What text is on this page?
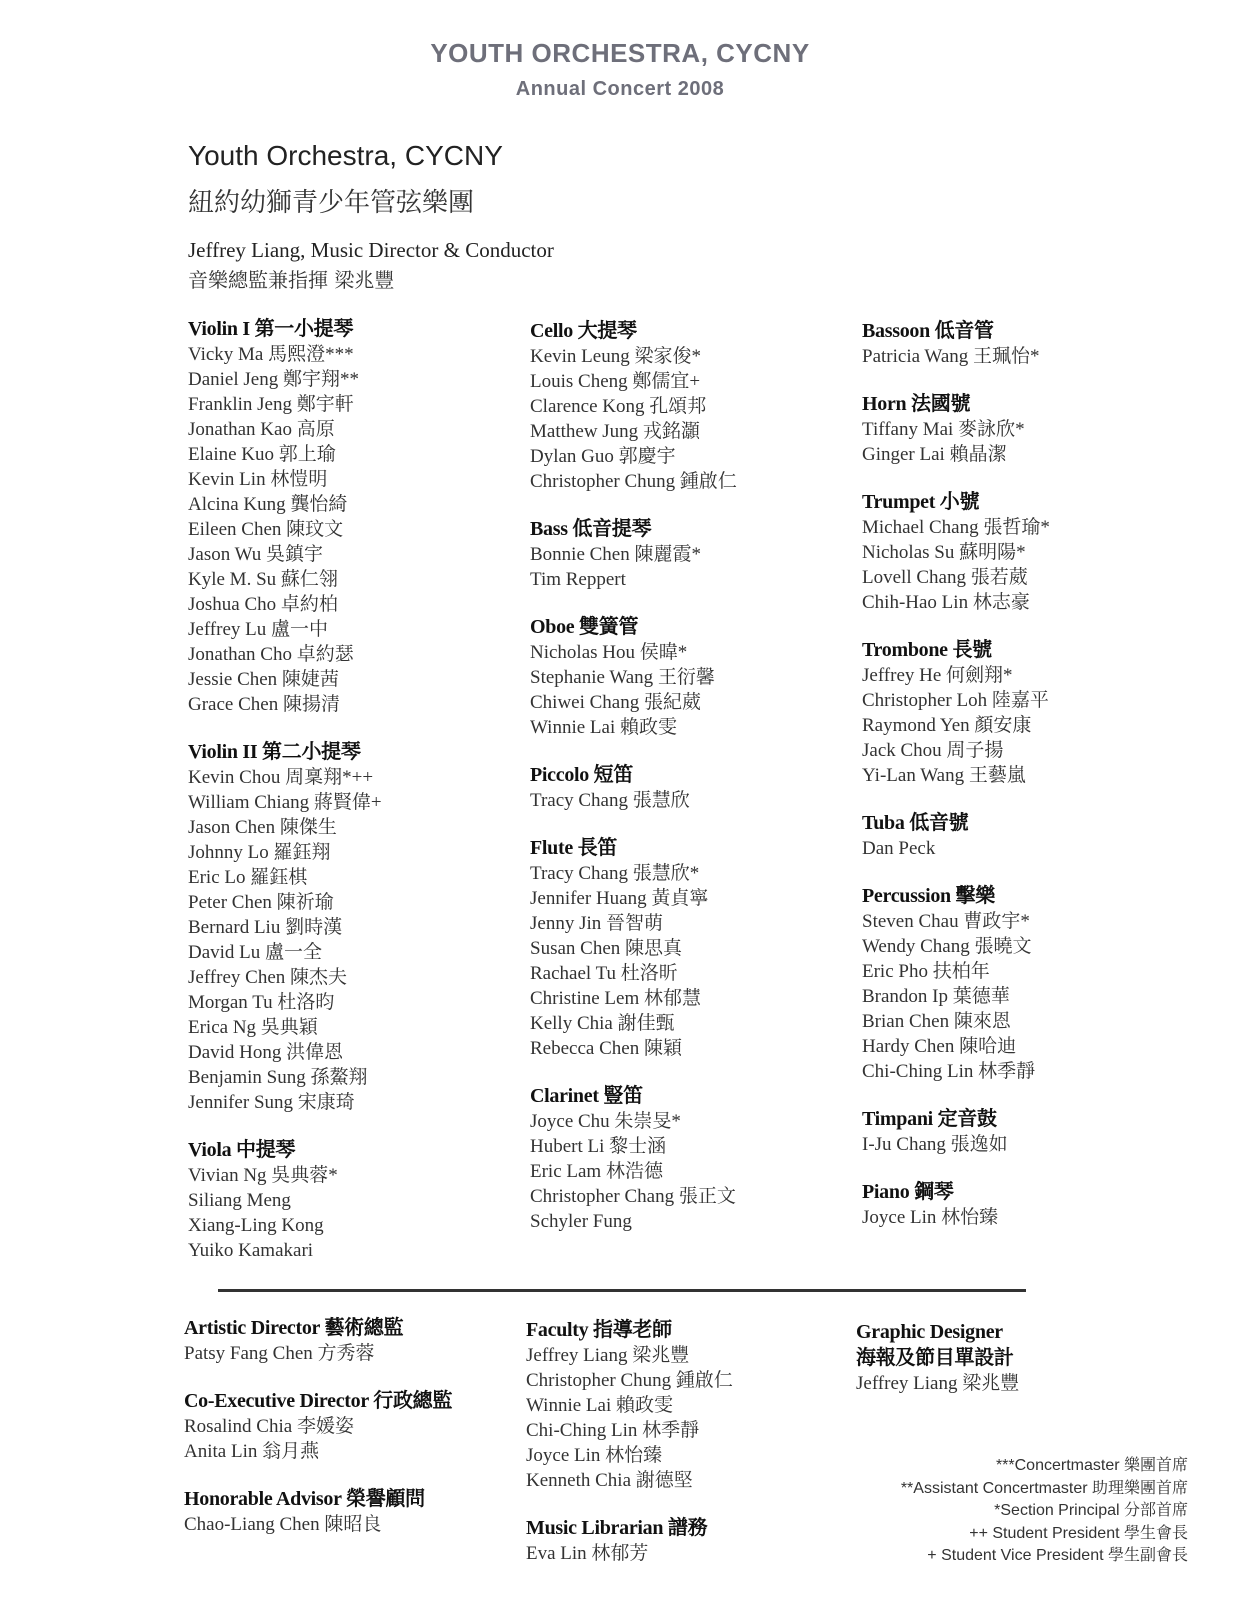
YOUTH ORCHESTRA, CYCNY
Annual Concert 2008
Youth Orchestra, CYCNY
紐約幼獅青少年管弦樂團
Jeffrey Liang, Music Director & Conductor
音樂總監兼指揮 梁兆豐
Violin I 第一小提琴
Vicky Ma 馬熙澄***
Daniel Jeng 鄭宇翔**
Franklin Jeng 鄭宇軒
Jonathan Kao 高原
Elaine Kuo 郭上瑜
Kevin Lin 林愷明
Alcina Kung 龔怡綺
Eileen Chen 陳玟文
Jason Wu 吳鎮宇
Kyle M. Su 蘇仁翎
Joshua Cho 卓約柏
Jeffrey Lu 盧一中
Jonathan Cho 卓約瑟
Jessie Chen 陳婕茜
Grace Chen 陳揚清
Violin II 第二小提琴
Kevin Chou 周稟翔*++
William Chiang 蔣賢偉+
Jason Chen 陳傑生
Johnny Lo 羅鈺翔
Eric Lo 羅鈺棋
Peter Chen 陳祈瑜
Bernard Liu 劉時漢
David Lu 盧一全
Jeffrey Chen 陳杰夫
Morgan Tu 杜洛昀
Erica Ng 吳典穎
David Hong 洪偉恩
Benjamin Sung 孫鰲翔
Jennifer Sung 宋康琦
Viola 中提琴
Vivian Ng 吳典蓉*
Siliang Meng
Xiang-Ling Kong
Yuiko Kamakari
Cello 大提琴
Kevin Leung 梁家俊*
Louis Cheng 鄭儒宜+
Clarence Kong 孔頌邦
Matthew Jung 戎銘灝
Dylan Guo 郭慶宇
Christopher Chung 鍾啟仁
Bass 低音提琴
Bonnie Chen 陳麗霞*
Tim Reppert
Oboe 雙簧管
Nicholas Hou 侯暐*
Stephanie Wang 王衍馨
Chiwei Chang 張紀葳
Winnie Lai 賴政雯
Piccolo 短笛
Tracy Chang 張慧欣
Flute 長笛
Tracy Chang 張慧欣*
Jennifer Huang 黃貞寧
Jenny Jin 晉智萌
Susan Chen 陳思真
Rachael Tu 杜洛昕
Christine Lem 林郁慧
Kelly Chia 謝佳甄
Rebecca Chen 陳穎
Clarinet 豎笛
Joyce Chu 朱崇旻*
Hubert Li 黎士涵
Eric Lam 林浩德
Christopher Chang 張正文
Schyler Fung
Bassoon 低音管
Patricia Wang 王珮怡*
Horn 法國號
Tiffany Mai 麥詠欣*
Ginger Lai 賴晶潔
Trumpet 小號
Michael Chang 張哲瑜*
Nicholas Su 蘇明陽*
Lovell Chang 張若葳
Chih-Hao Lin 林志豪
Trombone 長號
Jeffrey He 何劍翔*
Christopher Loh 陸嘉平
Raymond Yen 顏安康
Jack Chou 周子揚
Yi-Lan Wang 王藝嵐
Tuba 低音號
Dan Peck
Percussion 擊樂
Steven Chau 曹政宇*
Wendy Chang 張曉文
Eric Pho 扶柏年
Brandon Ip 葉德華
Brian Chen 陳來恩
Hardy Chen 陳哈迪
Chi-Ching Lin 林季靜
Timpani 定音鼓
I-Ju Chang 張逸如
Piano 鋼琴
Joyce Lin 林怡臻
Artistic Director 藝術總監
Patsy Fang Chen 方秀蓉
Co-Executive Director 行政總監
Rosalind Chia 李媛姿
Anita Lin 翁月燕
Honorable Advisor 榮譽顧問
Chao-Liang Chen 陳昭良
Faculty 指導老師
Jeffrey Liang 梁兆豐
Christopher Chung 鍾啟仁
Winnie Lai 賴政雯
Chi-Ching Lin 林季靜
Joyce Lin 林怡臻
Kenneth Chia 謝德堅
Music Librarian 譜務
Eva Lin 林郁芳
Graphic Designer
海報及節目單設計
Jeffrey Liang 梁兆豐
***Concertmaster 樂團首席
**Assistant Concertmaster 助理樂團首席
*Section Principal 分部首席
++ Student President 學生會長
+ Student Vice President 學生副會長
